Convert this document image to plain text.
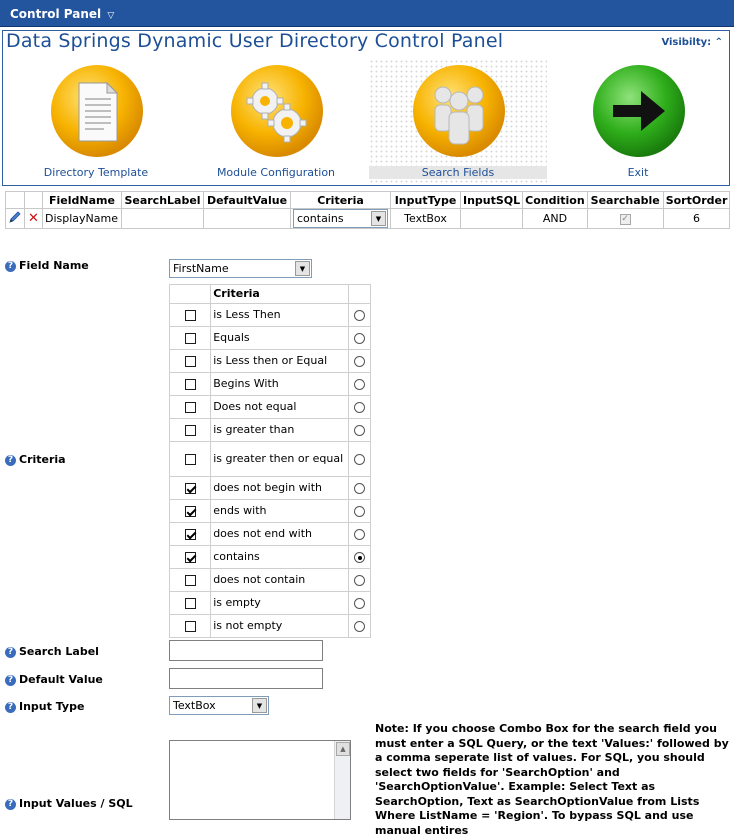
Control Panel ▽
Data Springs Dynamic User Directory Control Panel	Visibilty: ⌃
Directory Template	Module Configuration	Search Fields	Exit
		FieldName	SearchLabel	DefaultValue	Criteria	InputType	InputSQL	Condition	Searchable	SortOrder
	✕	DisplayName			contains ▼	TextBox		AND	✓	6
? Field Name	FirstName	▼
? Criteria
	Criteria	
	is Less Then	
	Equals	
	is Less then or Equal	
	Begins With	
	Does not equal	
	is greater than	
	is greater then or equal	
	does not begin with	
	ends with	
	does not end with	
	contains	
	does not contain	
	is empty	
	is not empty	
? Search Label
? Default Value
? Input Type	TextBox	▼
▲
Note: If you choose Combo Box for the search field you must enter a SQL Query, or the text 'Values:' followed by a comma seperate list of values. For SQL, you should select two fields for 'SearchOption' and 'SearchOptionValue'. Example: Select Text as SearchOption, Text as SearchOptionValue from Lists Where ListName = 'Region'. To bypass SQL and use manual entires
? Input Values / SQL
